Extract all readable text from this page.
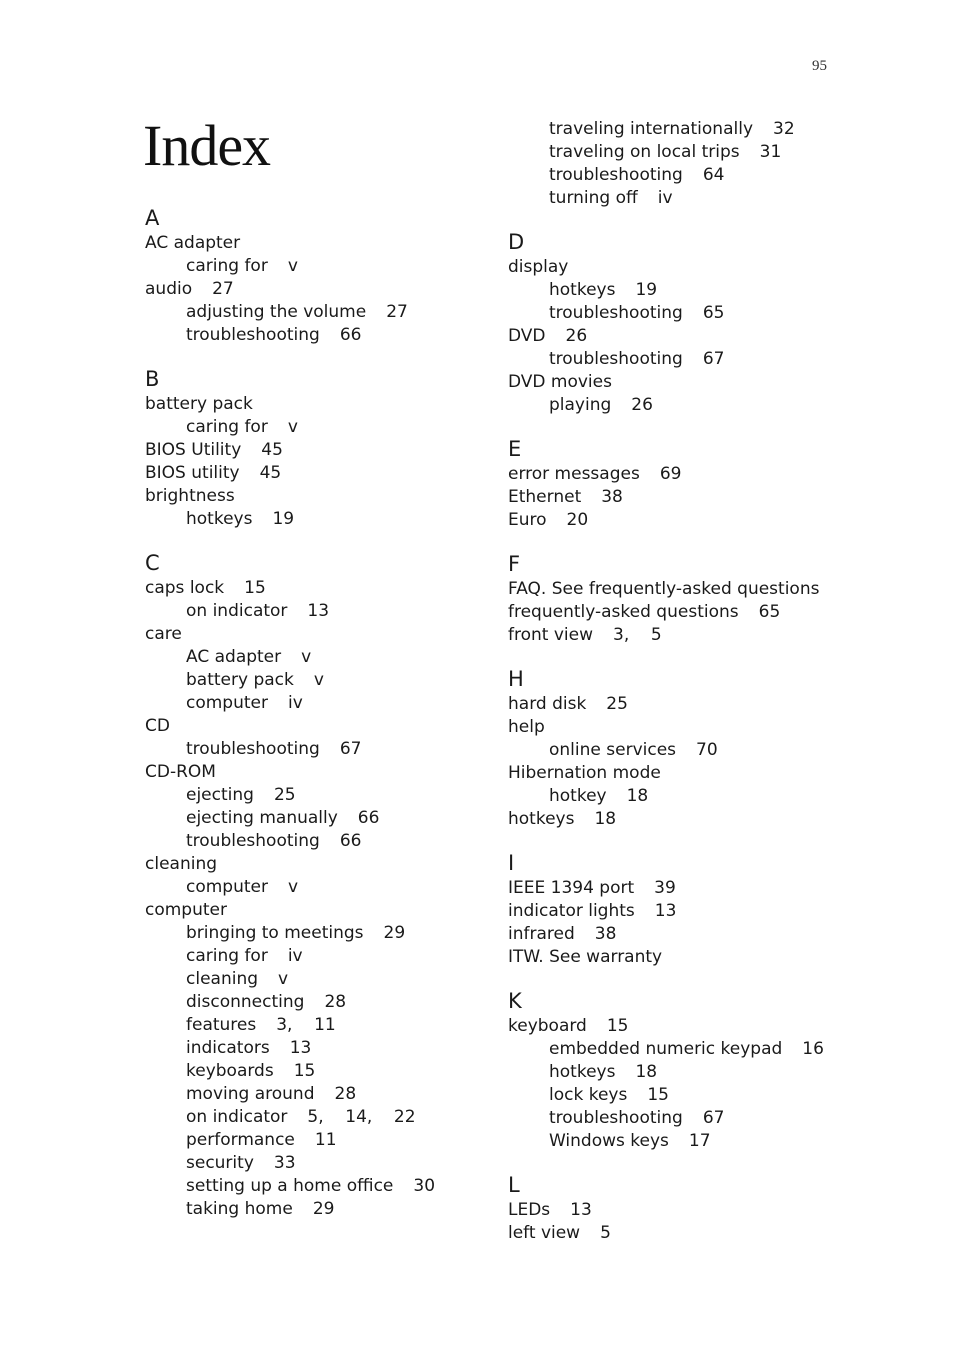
95
Index
A
AC adapter
caring for v
audio 27
adjusting the volume 27
troubleshooting 66
B
battery pack
caring for v
BIOS Utility 45
BIOS utility 45
brightness
hotkeys 19
C
caps lock 15
on indicator 13
care
AC adapter v
battery pack v
computer iv
CD
troubleshooting 67
CD-ROM
ejecting 25
ejecting manually 66
troubleshooting 66
cleaning
computer v
computer
bringing to meetings 29
caring for iv
cleaning v
disconnecting 28
features 3,    11
indicators 13
keyboards 15
moving around 28
on indicator 5,    14,    22
performance 11
security 33
setting up a home office 30
taking home 29
traveling internationally 32
traveling on local trips 31
troubleshooting 64
turning off iv
D
display
hotkeys 19
troubleshooting 65
DVD 26
troubleshooting 67
DVD movies
playing 26
E
error messages 69
Ethernet 38
Euro 20
F
FAQ. See frequently-asked questions
frequently-asked questions 65
front view 3,    5
H
hard disk 25
help
online services 70
Hibernation mode
hotkey 18
hotkeys 18
I
IEEE 1394 port 39
indicator lights 13
infrared 38
ITW. See warranty
K
keyboard 15
embedded numeric keypad 16
hotkeys 18
lock keys 15
troubleshooting 67
Windows keys 17
L
LEDs 13
left view 5
